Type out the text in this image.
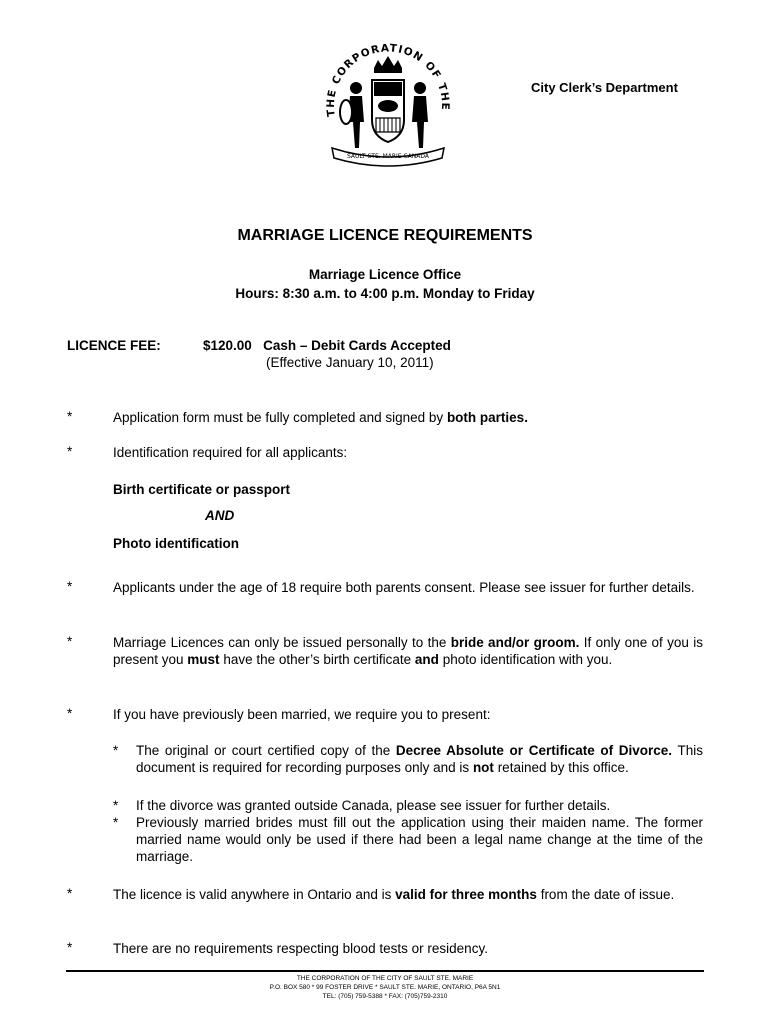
THE CORPORATION OF THE
SAULT STE. MARIE CANADA
City Clerk’s Department
MARRIAGE LICENCE REQUIREMENTS
Marriage Licence Office
Hours: 8:30 a.m. to 4:00 p.m. Monday to Friday
LICENCE FEE:	$120.00 Cash – Debit Cards Accepted
(Effective January 10, 2011)
*	Application form must be fully completed and signed by both parties.
*	Identification required for all applicants:
Birth certificate or passport
AND
Photo identification
*	Applicants under the age of 18 require both parents consent. Please see issuer for further details.
*	Marriage Licences can only be issued personally to the bride and/or groom. If only one of you is present you must have the other’s birth certificate and photo identification with you.
*	If you have previously been married, we require you to present:
* The original or court certified copy of the Decree Absolute or Certificate of Divorce. This document is required for recording purposes only and is not retained by this office.
* If the divorce was granted outside Canada, please see issuer for further details.
* Previously married brides must fill out the application using their maiden name. The former married name would only be used if there had been a legal name change at the time of the marriage.
*	The licence is valid anywhere in Ontario and is valid for three months from the date of issue.
*	There are no requirements respecting blood tests or residency.
THE CORPORATION OF THE CITY OF SAULT STE. MARIE
P.O. BOX 580 * 99 FOSTER DRIVE * SAULT STE. MARIE, ONTARIO, P6A 5N1
TEL: (705) 759-5388 * FAX: (705)759-2310
